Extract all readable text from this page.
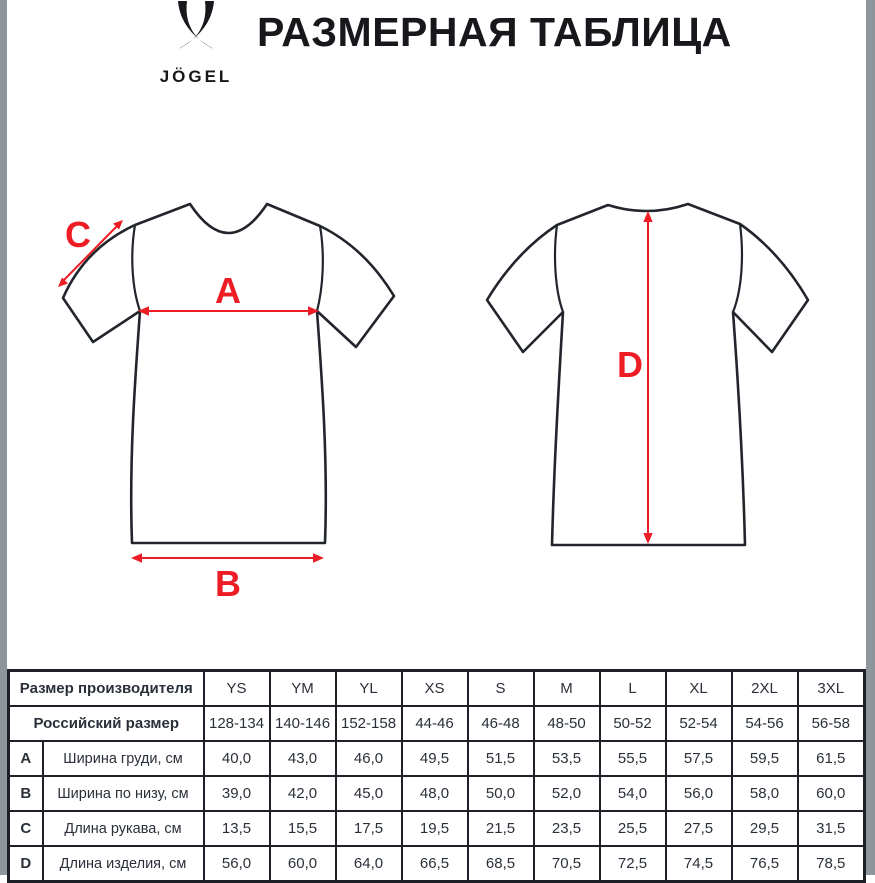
JÖGEL
РАЗМЕРНАЯ ТАБЛИЦА
A
B
C
D
Размер производителя		YS	YM	YL	XS	S	M	L	XL	2XL	3XL
Российский размер		128-134	140-146	152-158	44-46	46-48	48-50	50-52	52-54	54-56	56-58
A	Ширина груди, см	40,0	43,0	46,0	49,5	51,5	53,5	55,5	57,5	59,5	61,5
B	Ширина по низу, см	39,0	42,0	45,0	48,0	50,0	52,0	54,0	56,0	58,0	60,0
C	Длина рукава, см	13,5	15,5	17,5	19,5	21,5	23,5	25,5	27,5	29,5	31,5
D	Длина изделия, см	56,0	60,0	64,0	66,5	68,5	70,5	72,5	74,5	76,5	78,5
